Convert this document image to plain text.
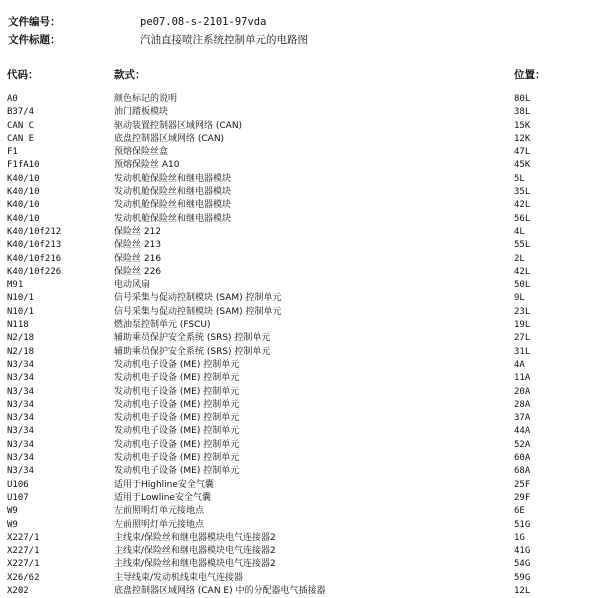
文件编号：	pe07.08-s-2101-97vda
文件标题：	汽油直接喷注系统控制单元的电路图
代码：	款式：	位置：
A0	颜色标记的说明	80L
B37/4	油门踏板模块	38L
CAN C	驱动装置控制器区域网络 (CAN)	15K
CAN E	底盘控制器区域网络 (CAN)	12K
F1	预熔保险丝盒	47L
F1fA10	预熔保险丝 A10	45K
K40/10	发动机舱保险丝和继电器模块	5L
K40/10	发动机舱保险丝和继电器模块	35L
K40/10	发动机舱保险丝和继电器模块	42L
K40/10	发动机舱保险丝和继电器模块	56L
K40/10f212	保险丝 212	4L
K40/10f213	保险丝 213	55L
K40/10f216	保险丝 216	2L
K40/10f226	保险丝 226	42L
M91	电动风扇	50L
N10/1	信号采集与促动控制模块 (SAM) 控制单元	9L
N10/1	信号采集与促动控制模块 (SAM) 控制单元	23L
N118	燃油泵控制单元 (FSCU)	19L
N2/18	辅助乘员保护安全系统 (SRS) 控制单元	27L
N2/18	辅助乘员保护安全系统 (SRS) 控制单元	31L
N3/34	发动机电子设备 (ME) 控制单元	4A
N3/34	发动机电子设备 (ME) 控制单元	11A
N3/34	发动机电子设备 (ME) 控制单元	20A
N3/34	发动机电子设备 (ME) 控制单元	28A
N3/34	发动机电子设备 (ME) 控制单元	37A
N3/34	发动机电子设备 (ME) 控制单元	44A
N3/34	发动机电子设备 (ME) 控制单元	52A
N3/34	发动机电子设备 (ME) 控制单元	60A
N3/34	发动机电子设备 (ME) 控制单元	68A
U106	适用于Highline安全气囊	25F
U107	适用于Lowline安全气囊	29F
W9	左前照明灯单元接地点	6E
W9	左前照明灯单元接地点	51G
X227/1	主线束/保险丝和继电器模块电气连接器2	1G
X227/1	主线束/保险丝和继电器模块电气连接器2	41G
X227/1	主线束/保险丝和继电器模块电气连接器2	54G
X26/62	主导线束/发动机线束电气连接器	59G
X202	底盘控制器区域网络 (CAN E) 中的分配器电气插接器	12L
